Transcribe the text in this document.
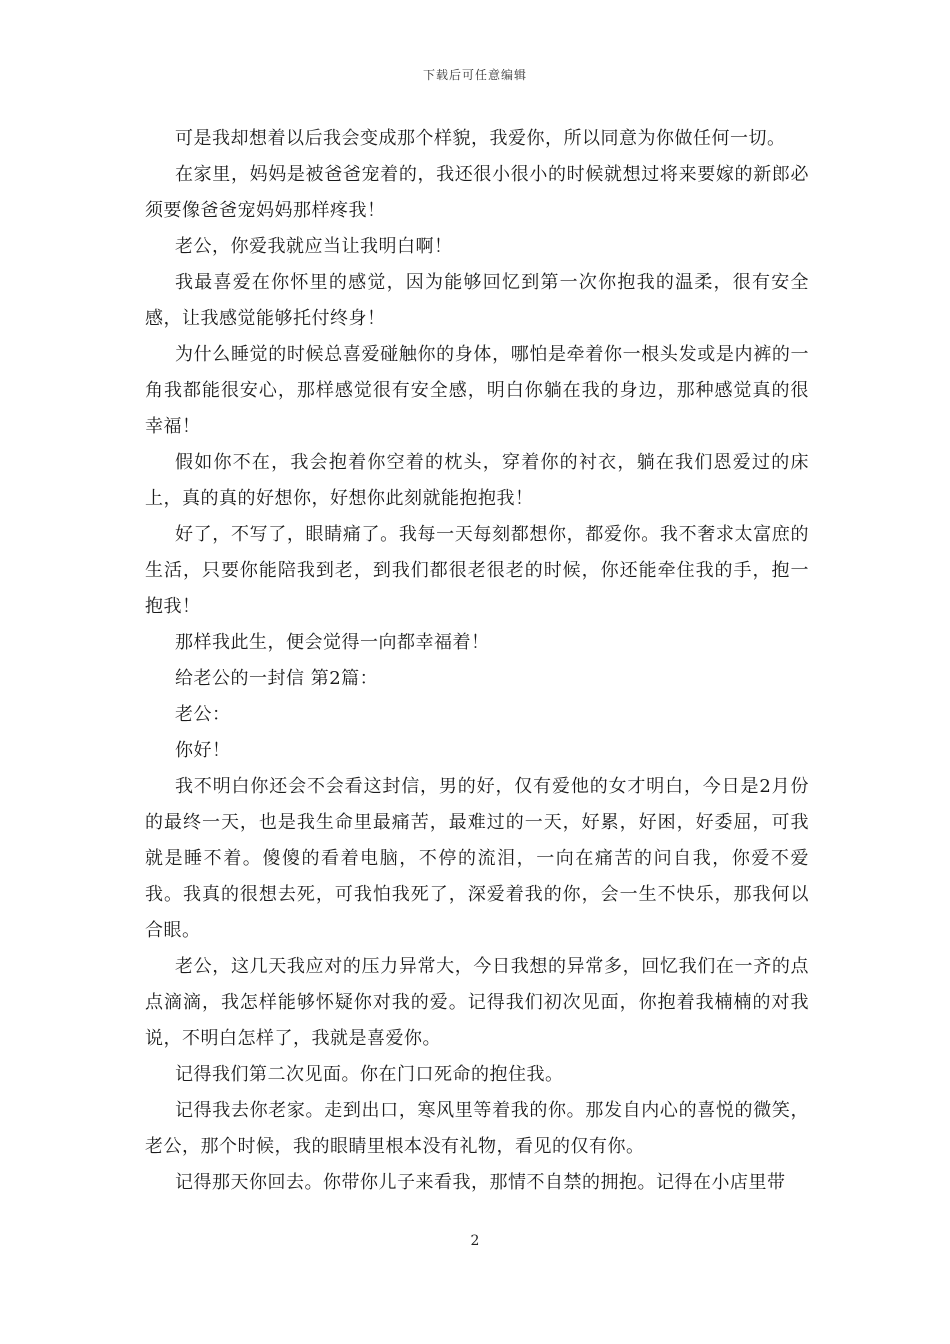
下载后可任意编辑

可是我却想着以后我会变成那个样貌，我爱你，所以同意为你做任何一切。

在家里，妈妈是被爸爸宠着的，我还很小很小的时候就想过将来要嫁的新郎必须要像爸爸宠妈妈那样疼我！

老公，你爱我就应当让我明白啊！

我最喜爱在你怀里的感觉，因为能够回忆到第一次你抱我的温柔，很有安全感，让我感觉能够托付终身！

为什么睡觉的时候总喜爱碰触你的身体，哪怕是牵着你一根头发或是内裤的一角我都能很安心，那样感觉很有安全感，明白你躺在我的身边，那种感觉真的很幸福！

假如你不在，我会抱着你空着的枕头，穿着你的衬衣，躺在我们恩爱过的床上，真的真的好想你，好想你此刻就能抱抱我！

好了，不写了，眼睛痛了。我每一天每刻都想你，都爱你。我不奢求太富庶的生活，只要你能陪我到老，到我们都很老很老的时候，你还能牵住我的手，抱一抱我！

那样我此生，便会觉得一向都幸福着！

给老公的一封信 第2篇：

老公：

你好！

我不明白你还会不会看这封信，男的好，仅有爱他的女才明白，今日是2月份的最终一天，也是我生命里最痛苦，最难过的一天，好累，好困，好委屈，可我就是睡不着。傻傻的看着电脑，不停的流泪，一向在痛苦的问自我，你爱不爱我。我真的很想去死，可我怕我死了，深爱着我的你，会一生不快乐，那我何以合眼。

老公，这几天我应对的压力异常大，今日我想的异常多，回忆我们在一齐的点点滴滴，我怎样能够怀疑你对我的爱。记得我们初次见面，你抱着我楠楠的对我说，不明白怎样了，我就是喜爱你。

记得我们第二次见面。你在门口死命的抱住我。

记得我去你老家。走到出口，寒风里等着我的你。那发自内心的喜悦的微笑，老公，那个时候，我的眼睛里根本没有礼物，看见的仅有你。

记得那天你回去。你带你儿子来看我，那情不自禁的拥抱。记得在小店里带

2
